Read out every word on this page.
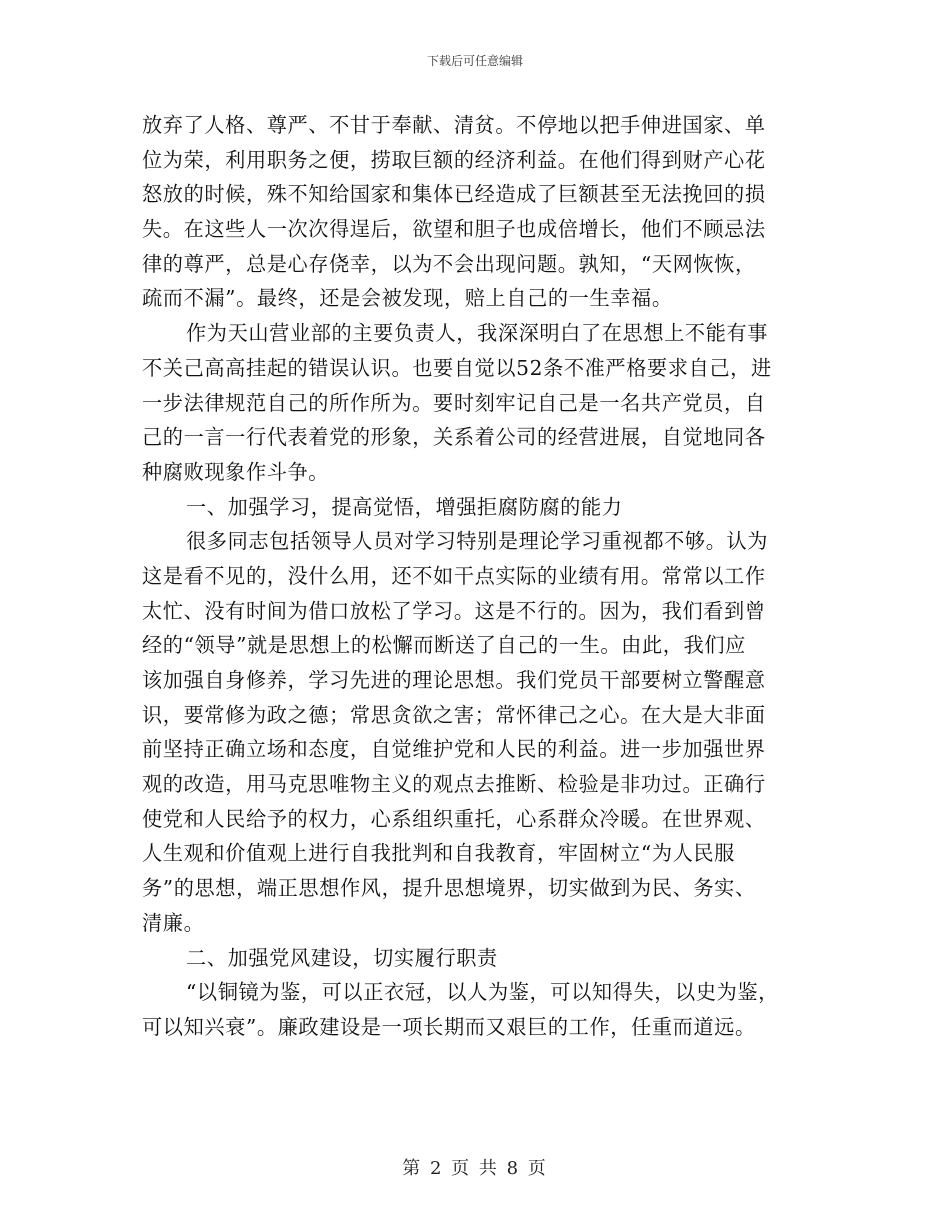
下载后可任意编辑
放弃了人格、尊严、不甘于奉献、清贫。不停地以把手伸进国家、单
位为荣，利用职务之便，捞取巨额的经济利益。在他们得到财产心花
怒放的时候，殊不知给国家和集体已经造成了巨额甚至无法挽回的损
失。在这些人一次次得逞后，欲望和胆子也成倍增长，他们不顾忌法
律的尊严，总是心存侥幸，以为不会出现问题。孰知，“天网恢恢，
疏而不漏”。最终，还是会被发现，赔上自己的一生幸福。
作为天山营业部的主要负责人，我深深明白了在思想上不能有事
不关己高高挂起的错误认识。也要自觉以52条不准严格要求自己，进
一步法律规范自己的所作所为。要时刻牢记自己是一名共产党员，自
己的一言一行代表着党的形象，关系着公司的经营进展，自觉地同各
种腐败现象作斗争。
一、加强学习，提高觉悟，增强拒腐防腐的能力
很多同志包括领导人员对学习特别是理论学习重视都不够。认为
这是看不见的，没什么用，还不如干点实际的业绩有用。常常以工作
太忙、没有时间为借口放松了学习。这是不行的。因为，我们看到曾
经的“领导”就是思想上的松懈而断送了自己的一生。由此，我们应
该加强自身修养，学习先进的理论思想。我们党员干部要树立警醒意
识，要常修为政之德；常思贪欲之害；常怀律己之心。在大是大非面
前坚持正确立场和态度，自觉维护党和人民的利益。进一步加强世界
观的改造，用马克思唯物主义的观点去推断、检验是非功过。正确行
使党和人民给予的权力，心系组织重托，心系群众冷暖。在世界观、
人生观和价值观上进行自我批判和自我教育，牢固树立“为人民服
务”的思想，端正思想作风，提升思想境界，切实做到为民、务实、
清廉。
二、加强党风建设，切实履行职责
“以铜镜为鉴，可以正衣冠，以人为鉴，可以知得失，以史为鉴，
可以知兴衰”。廉政建设是一项长期而又艰巨的工作，任重而道远。
第 2 页 共 8 页
